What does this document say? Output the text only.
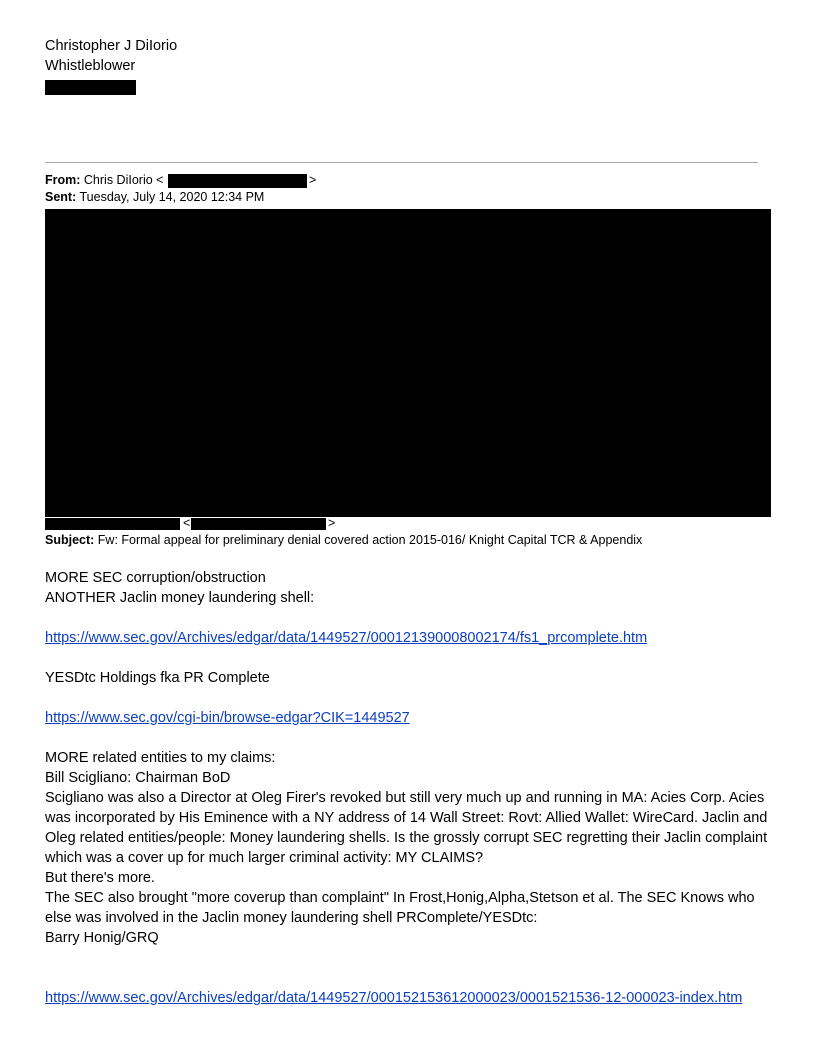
Christopher J DiIorio
Whistleblower
From: Chris DiIorio <	>
Sent: Tuesday, July 14, 2020 12:34 PM
<	>
Subject: Fw: Formal appeal for preliminary denial covered action 2015-016/ Knight Capital TCR & Appendix
MORE SEC corruption/obstruction
ANOTHER Jaclin money laundering shell:
https://www.sec.gov/Archives/edgar/data/1449527/000121390008002174/fs1_prcomplete.htm
YESDtc Holdings fka PR Complete
https://www.sec.gov/cgi-bin/browse-edgar?CIK=1449527
MORE related entities to my claims:
Bill Scigliano: Chairman BoD
Scigliano was also a Director at Oleg Firer's revoked but still very much up and running in MA: Acies Corp. Acies was incorporated by His Eminence with a NY address of 14 Wall Street: Rovt: Allied Wallet: WireCard. Jaclin and Oleg related entities/people: Money laundering shells. Is the grossly corrupt SEC regretting their Jaclin complaint which was a cover up for much larger criminal activity: MY CLAIMS?
But there's more.
The SEC also brought "more coverup than complaint" In Frost,Honig,Alpha,Stetson et al. The SEC Knows who else was involved in the Jaclin money laundering shell PRComplete/YESDtc:
Barry Honig/GRQ
https://www.sec.gov/Archives/edgar/data/1449527/000152153612000023/0001521536-12-000023-index.htm
